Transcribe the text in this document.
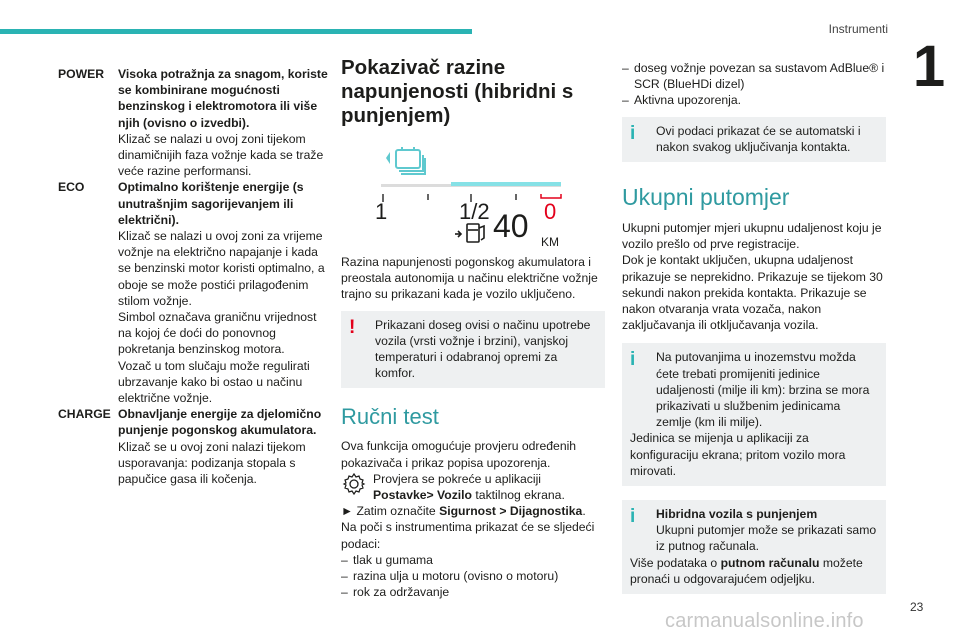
Instrumenti
1
POWER	Visoka potražnja za snagom, koriste se kombinirane mogućnosti benzinskog i elektromotora ili više njih (ovisno o izvedbi).
Klizač se nalazi u ovoj zoni tijekom dinamičnijih faza vožnje kada se traže veće razine performansi.
ECO	Optimalno korištenje energije (s unutrašnjim sagorijevanjem ili električni).
Klizač se nalazi u ovoj zoni za vrijeme vožnje na električno napajanje i kada se benzinski motor koristi optimalno, a oboje se može postići prilagođenim stilom vožnje.
Simbol označava graničnu vrijednost na kojoj će doći do ponovnog pokretanja benzinskog motora.
Vozač u tom slučaju može regulirati ubrzavanje kako bi ostao u načinu električne vožnje.
CHARGE Obnavljanje energije za djelomično punjenje pogonskog akumulatora.
Klizač se u ovoj zoni nalazi tijekom usporavanja: podizanja stopala s papučice gasa ili kočenja.
Pokazivač razine napunjenosti (hibridni s punjenjem)
1	1/2 0
40 KM

Razina napunjenosti pogonskog akumulatora i preostala autonomija u načinu električne vožnje trajno su prikazani kada je vozilo uključeno.

!	Prikazani doseg ovisi o načinu upotrebe vozila (vrsti vožnje i brzini), vanjskoj temperaturi i odabranoj opremi za komfor.
Ručni test

Ova funkcija omogućuje provjeru određenih pokazivača i prikaz popisa upozorenja.

Provjera se pokreće u aplikaciji Postavke> Vozilo taktilnog ekrana.

► Zatim označite Sigurnost > Dijagnostika.

Na poči s instrumentima prikazat će se sljedeći podaci:

– tlak u gumama
– razina ulja u motoru (ovisno o motoru)
– rok za održavanje
– doseg vožnje povezan sa sustavom AdBlue® i SCR (BlueHDi dizel)
– Aktivna upozorenja.
i	Ovi podaci prikazat će se automatski i nakon svakog uključivanja kontakta.
Ukupni putomjer

Ukupni putomjer mjeri ukupnu udaljenost koju je vozilo prešlo od prve registracije.

Dok je kontakt uključen, ukupna udaljenost prikazuje se neprekidno. Prikazuje se tijekom 30 sekundi nakon prekida kontakta. Prikazuje se nakon otvaranja vrata vozača, nakon zaključavanja ili otključavanja vozila.

i	Na putovanjima u inozemstvu možda ćete trebati promijeniti jedinice udaljenosti (milje ili km): brzina se mora prikazivati u službenim jedinicama zemlje (km ili milje).
Jedinica se mijenja u aplikaciji za konfiguraciju ekrana; pritom vozilo mora mirovati.
i	Hibridna vozila s punjenjem
Ukupni putomjer može se prikazati samo iz putnog računala.
Više podataka o putnom računalu možete pronaći u odgovarajućem odjeljku.
23
carmanualsonline.info
